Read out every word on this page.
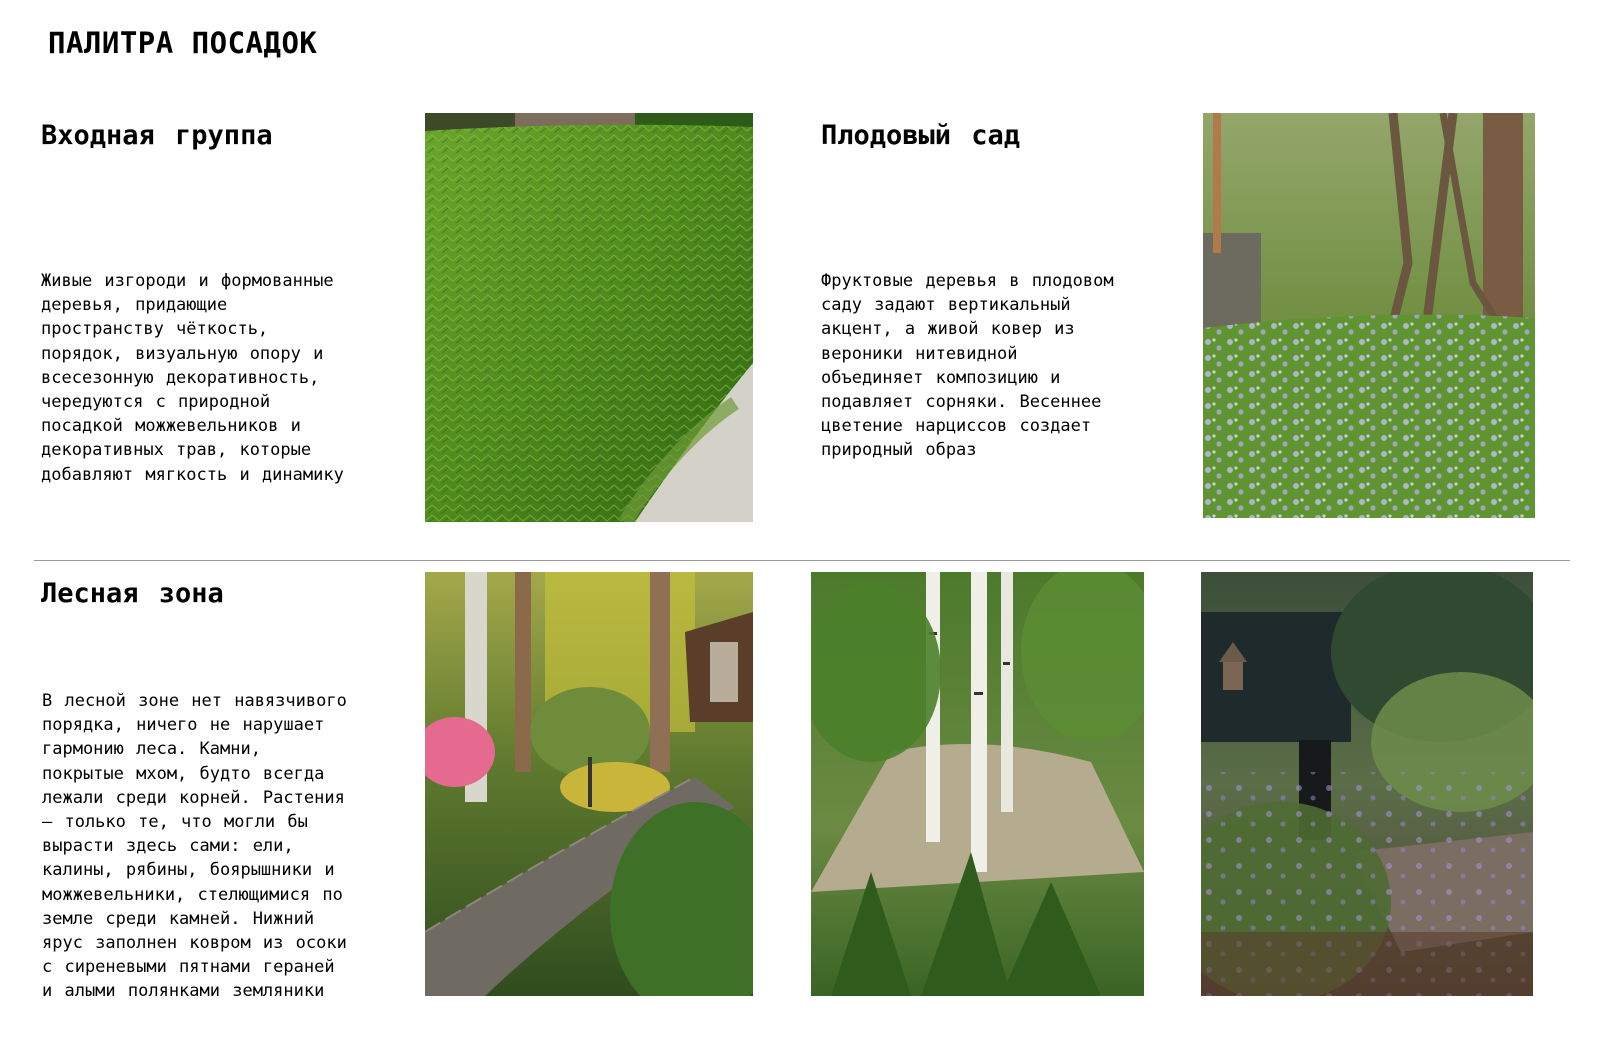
ПАЛИТРА ПОСАДОК
Входная группа

Живые изгороди и формованные
деревья, придающие
пространству чёткость,
порядок, визуальную опору и
всесезонную декоративность,
чередуются с природной
посадкой можжевельников и
декоративных трав, которые
добавляют мягкость и динамику

Плодовый сад

Фруктовые деревья в плодовом
саду задают вертикальный
акцент, а живой ковер из
вероники нитевидной
объединяет композицию и
подавляет сорняки. Весеннее
цветение нарциссов создает
природный образ

Лесная зона

В лесной зоне нет навязчивого
порядка, ничего не нарушает
гармонию леса. Камни,
покрытые мхом, будто всегда
лежали среди корней. Растения
– только те, что могли бы
вырасти здесь сами: ели,
калины, рябины, боярышники и
можжевельники, стелющимися по
земле среди камней. Нижний
ярус заполнен ковром из осоки
с сиреневыми пятнами гераней
и алыми полянками земляники
